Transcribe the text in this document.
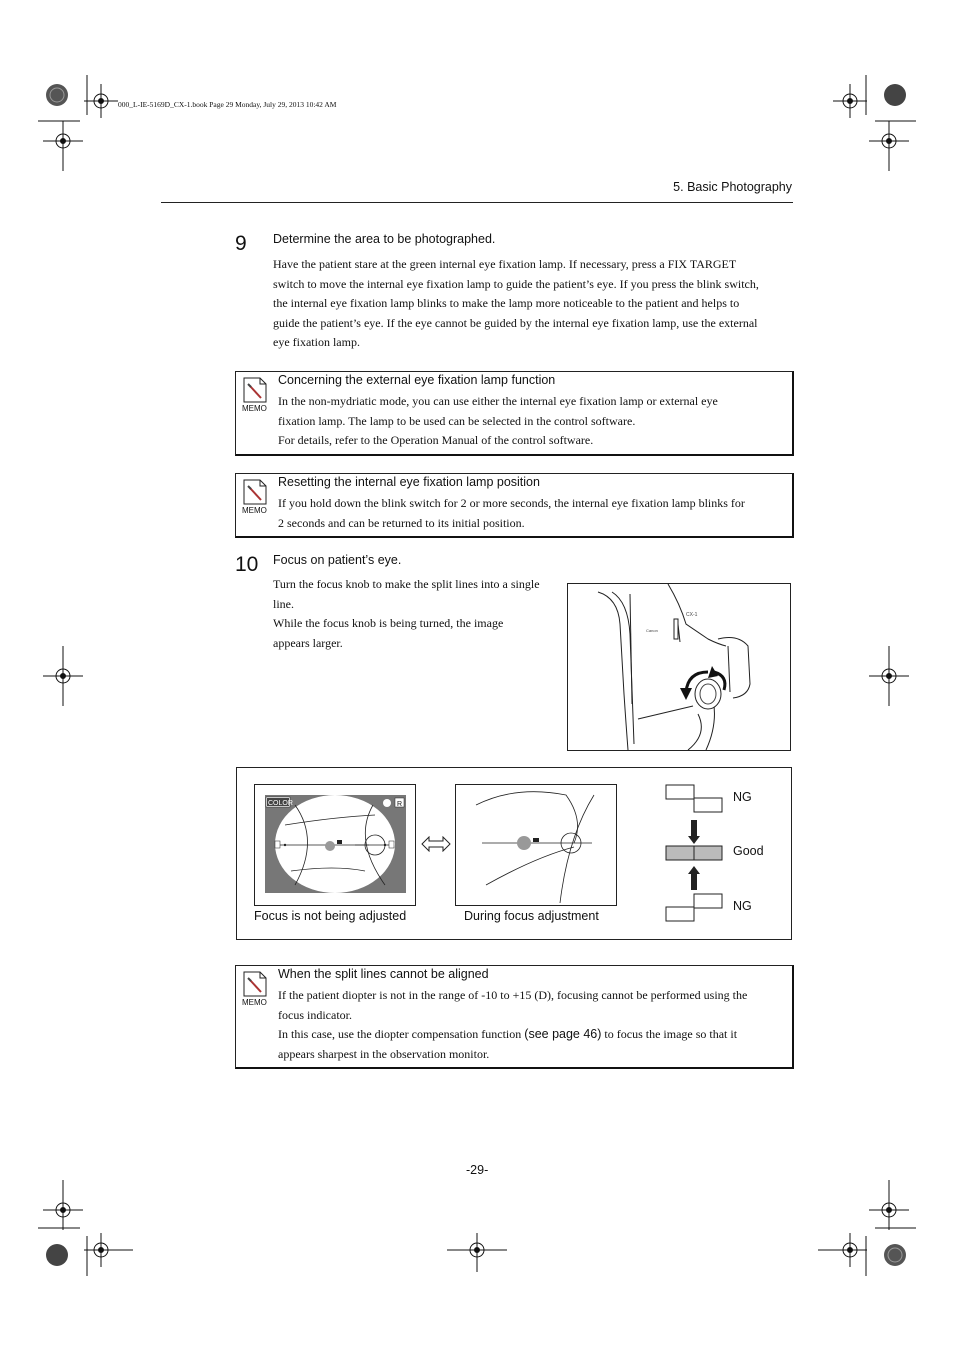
000_L-IE-5169D_CX-1.book Page 29 Monday, July 29, 2013 10:42 AM
5. Basic Photography
9 Determine the area to be photographed.
Have the patient stare at the green internal eye fixation lamp. If necessary, press a FIX TARGET
switch to move the internal eye fixation lamp to guide the patient’s eye. If you press the blink switch,
the internal eye fixation lamp blinks to make the lamp more noticeable to the patient and helps to
guide the patient’s eye. If the eye cannot be guided by the internal eye fixation lamp, use the external
eye fixation lamp.
MEMO
Concerning the external eye fixation lamp function
In the non-mydriatic mode, you can use either the internal eye fixation lamp or external eye
fixation lamp. The lamp to be used can be selected in the control software.
For details, refer to the Operation Manual of the control software.
MEMO
Resetting the internal eye fixation lamp position
If you hold down the blink switch for 2 or more seconds, the internal eye fixation lamp blinks for
2 seconds and can be returned to its initial position.
10 Focus on patient’s eye.
Turn the focus knob to make the split lines into a single
line.
While the focus knob is being turned, the image
appears larger.
CX-1
Canon
COLOR	R
NG
Good
NG
Focus is not being adjusted	During focus adjustment
MEMO
When the split lines cannot be aligned
If the patient diopter is not in the range of -10 to +15 (D), focusing cannot be performed using the
focus indicator.
In this case, use the diopter compensation function (see page 46) to focus the image so that it
appears sharpest in the observation monitor.
-29-
